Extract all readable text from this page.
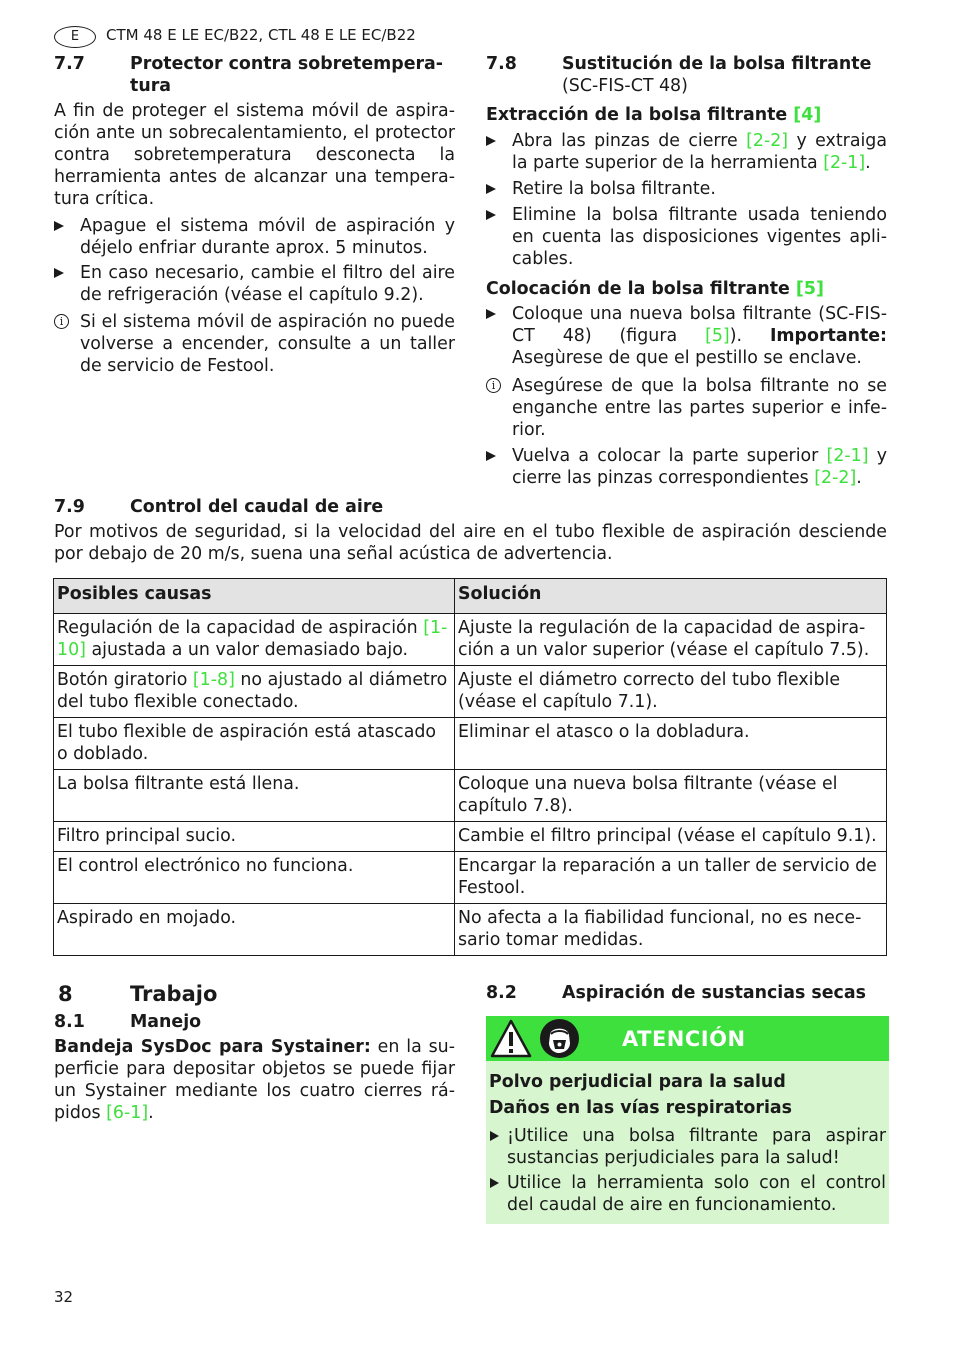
E	CTM 48 E LE EC/B22, CTL 48 E LE EC/B22
7.7	Protector contra sobretempera-
tura
A fin de proteger el sistema móvil de aspiración ante un sobrecalentamiento, el protector contra sobretemperatura desconecta la herramienta antes de alcanzar una temperatura crítica.
Apague el sistema móvil de aspiración y déjelo enfriar durante aprox. 5 minutos.
En caso necesario, cambie el filtro del aire de refrigeración (véase el capítulo 9.2).
i Si el sistema móvil de aspiración no puede volverse a encender, consulte a un taller de servicio de Festool.
7.8	Sustitución de la bolsa filtrante
(SC-FIS-CT 48)
Extracción de la bolsa filtrante [4]
Abra las pinzas de cierre [2-2] y extraiga la parte superior de la herramienta [2-1].
Retire la bolsa filtrante.
Elimine la bolsa filtrante usada teniendo en cuenta las disposiciones vigentes aplicables.
Colocación de la bolsa filtrante [5]
Coloque una nueva bolsa filtrante (SC-FIS-CT 48) (figura [5]). Importante: Asegùrese de que el pestillo se enclave.
i Asegúrese de que la bolsa filtrante no se enganche entre las partes superior e inferior.
Vuelva a colocar la parte superior [2-1] y cierre las pinzas correspondientes [2-2].
7.9	Control del caudal de aire
Por motivos de seguridad, si la velocidad del aire en el tubo flexible de aspiración desciende por debajo de 20 m/s, suena una señal acústica de advertencia.
Posibles causas	Solución
Regulación de la capacidad de aspiración [1-10] ajustada a un valor demasiado bajo.	Ajuste la regulación de la capacidad de aspiración a un valor superior (véase el capítulo 7.5).
Botón giratorio [1-8] no ajustado al diámetro del tubo flexible conectado.	Ajuste el diámetro correcto del tubo flexible (véase el capítulo 7.1).
El tubo flexible de aspiración está atascado o doblado.	Eliminar el atasco o la dobladura.
La bolsa filtrante está llena.	Coloque una nueva bolsa filtrante (véase el capítulo 7.8).
Filtro principal sucio.	Cambie el filtro principal (véase el capítulo 9.1).
El control electrónico no funciona.	Encargar la reparación a un taller de servicio de Festool.
Aspirado en mojado.	No afecta a la fiabilidad funcional, no es necesario tomar medidas.
8	Trabajo
8.1	Manejo
Bandeja SysDoc para Systainer: en la superficie para depositar objetos se puede fijar un Systainer mediante los cuatro cierres rápidos [6-1].
8.2	Aspiración de sustancias secas
ATENCIÓN
Polvo perjudicial para la salud
Daños en las vías respiratorias
¡Utilice una bolsa filtrante para aspirar sustancias perjudiciales para la salud!
Utilice la herramienta solo con el control del caudal de aire en funcionamiento.
32
